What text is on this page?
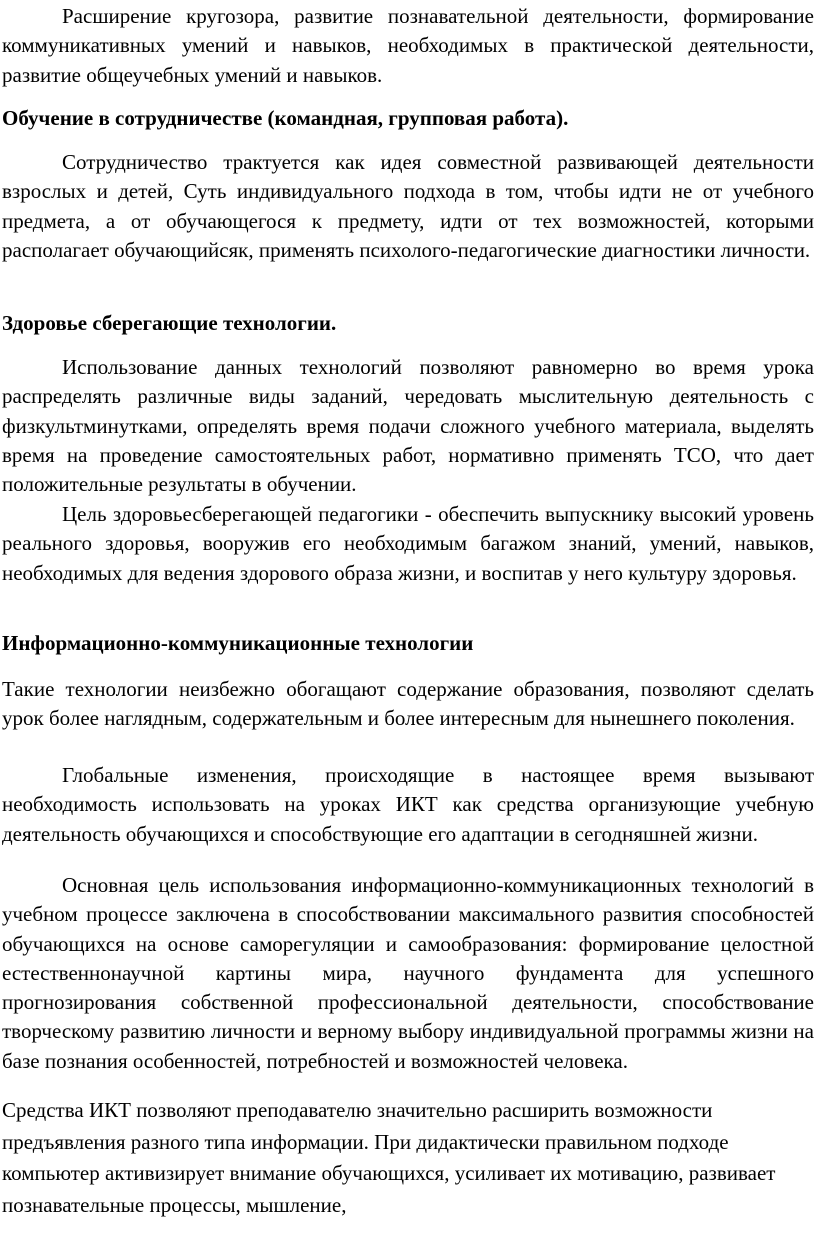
Расширение кругозора, развитие познавательной деятельности, формирование коммуникативных умений и навыков, необходимых в практической деятельности, развитие общеучебных умений и навыков.

Обучение в сотрудничестве (командная, групповая работа).

Сотрудничество трактуется как идея совместной развивающей деятельности взрослых и детей, Суть индивидуального подхода в том, чтобы идти не от учебного предмета, а от обучающегося к предмету, идти от тех возможностей, которыми располагает обучающийсяк, применять психолого-педагогические диагностики личности.

Здоровье сберегающие технологии.

Использование данных технологий позволяют равномерно во время урока распределять различные виды заданий, чередовать мыслительную деятельность с физкультминутками, определять время подачи сложного учебного материала, выделять время на проведение самостоятельных работ, нормативно применять ТСО, что дает положительные результаты в обучении.

Цель здоровьесберегающей педагогики - обеспечить выпускнику высокий уровень реального здоровья, вооружив его необходимым багажом знаний, умений, навыков, необходимых для ведения здорового образа жизни, и воспитав у него культуру здоровья.

Информационно-коммуникационные технологии

Такие технологии неизбежно обогащают содержание образования, позволяют сделать урок более наглядным, содержательным и более интересным для нынешнего поколения.

Глобальные изменения, происходящие в настоящее время вызывают необходимость использовать на уроках ИКТ как средства организующие учебную деятельность обучающихся и способствующие его адаптации в сегодняшней жизни.

Основная цель использования информационно-коммуникационных технологий в учебном процессе заключена в способствовании максимального развития способностей обучающихся на основе саморегуляции и самообразования: формирование целостной естественнонаучной картины мира, научного фундамента для успешного прогнозирования собственной профессиональной деятельности, способствование творческому развитию личности и верному выбору индивидуальной программы жизни на базе познания особенностей, потребностей и возможностей человека.

Средства ИКТ позволяют преподавателю значительно расширить возможности предъявления разного типа информации. При дидактически правильном подходе компьютер активизирует внимание обучающихся, усиливает их мотивацию, развивает познавательные процессы, мышление,
